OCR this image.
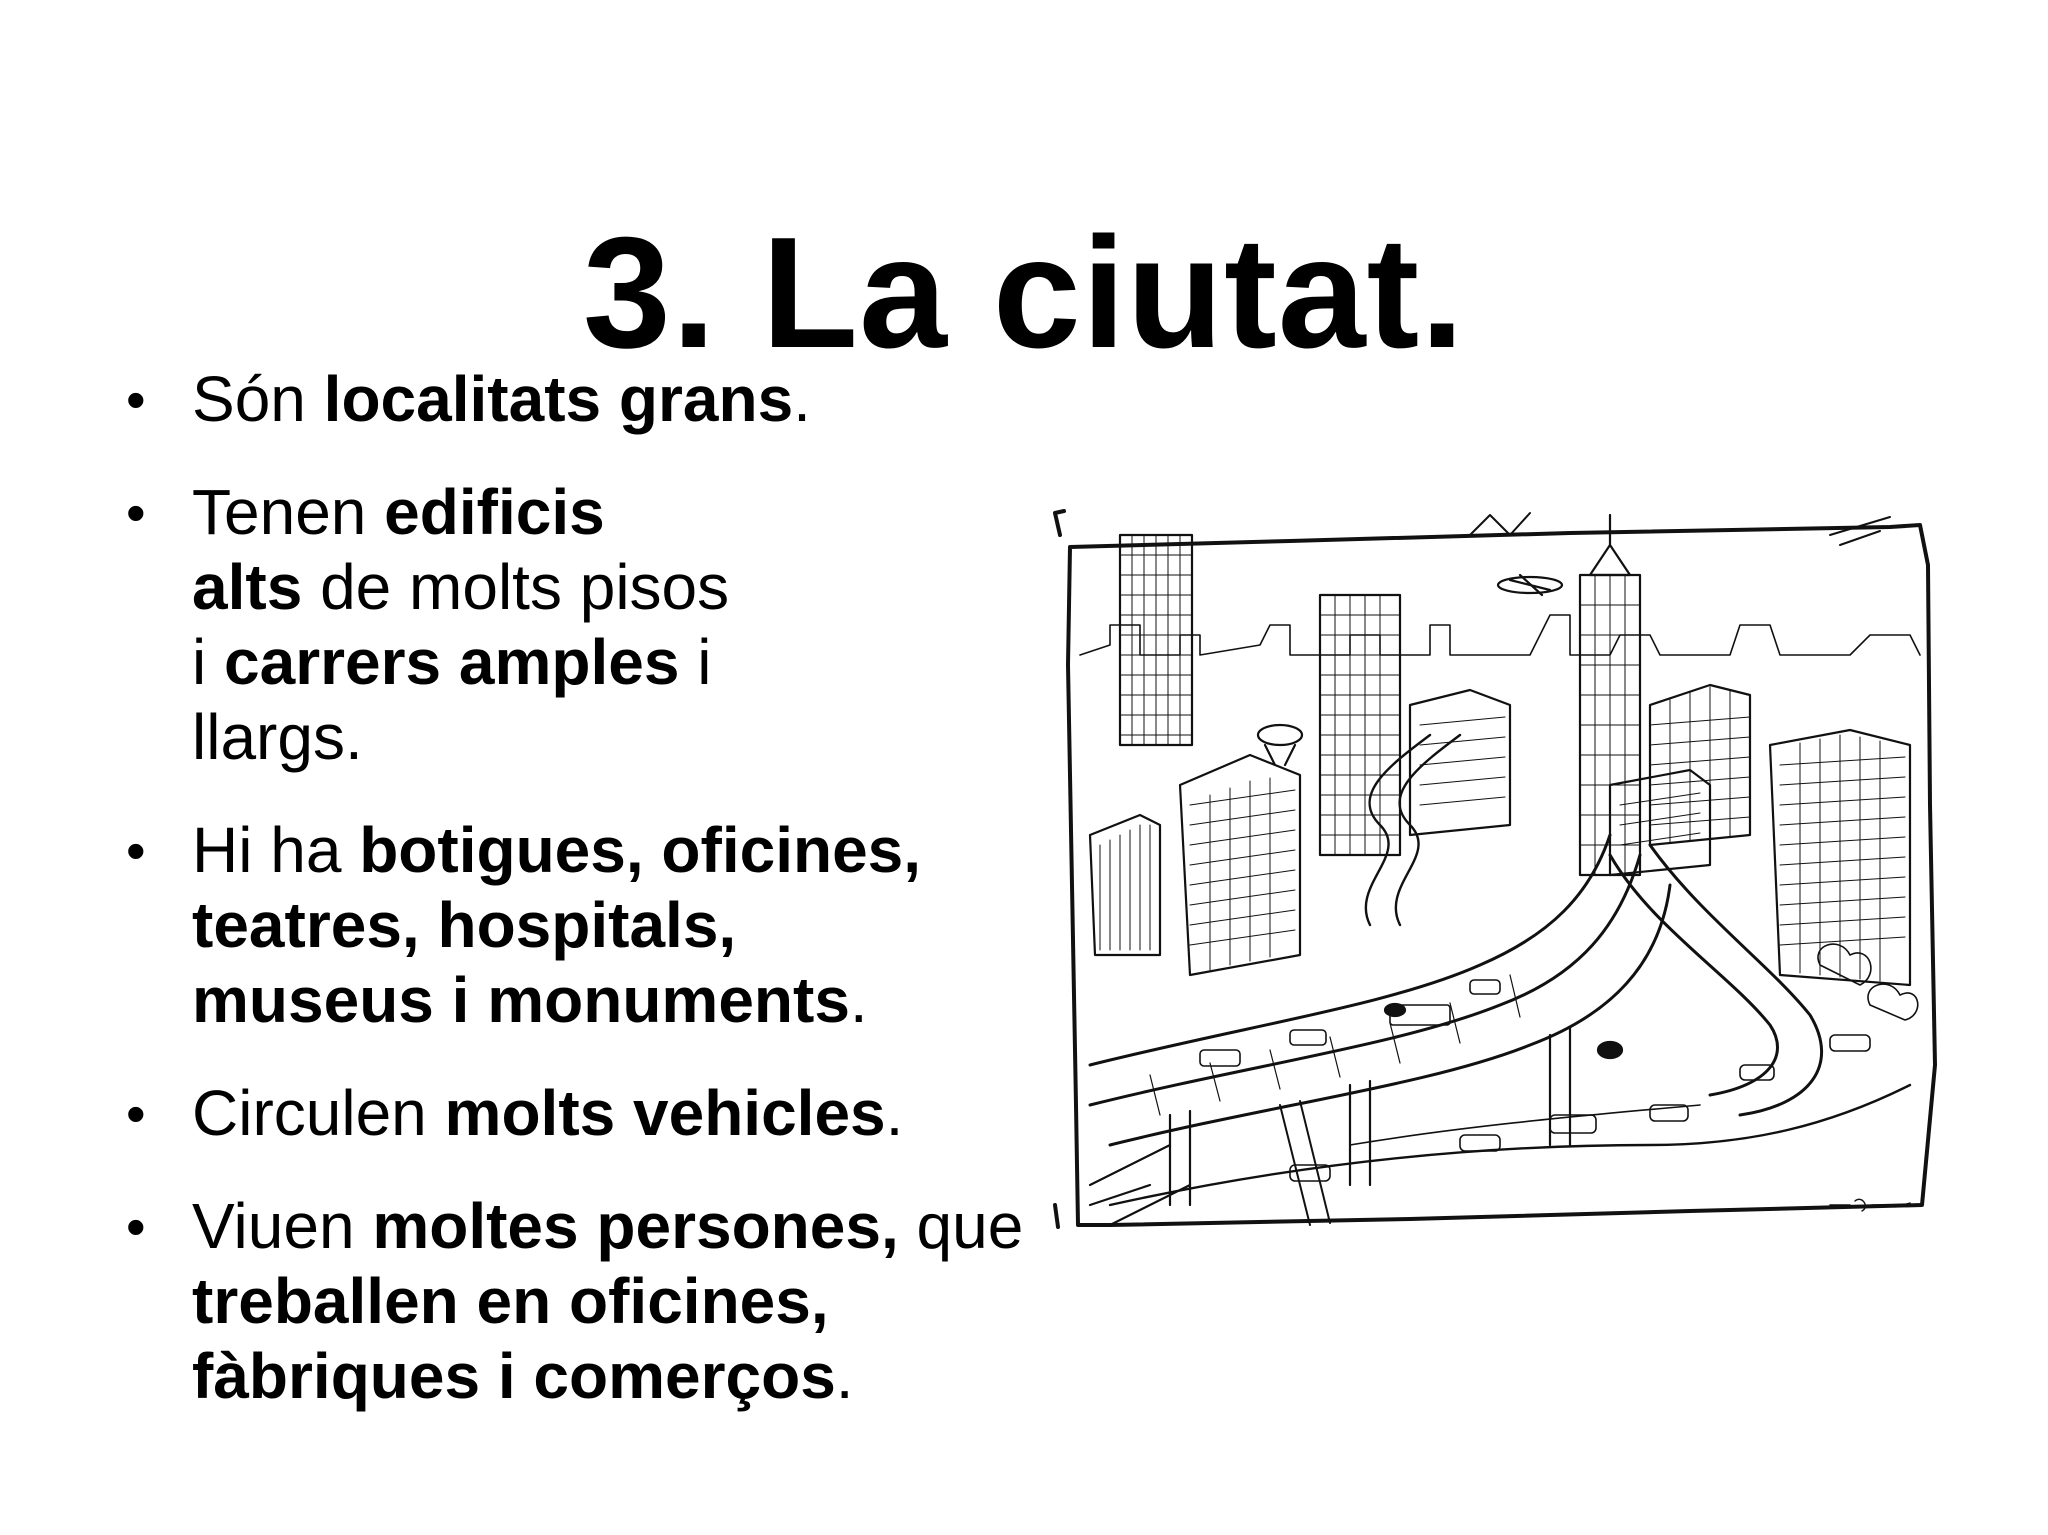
3. La ciutat.
• Són localitats grans.
• Tenen edificis alts de molts pisos i carrers amples i llargs.
• Hi ha botigues, oficines, teatres, hospitals, museus i monuments.
• Circulen molts vehicles.
• Viuen moltes persones, que treballen en oficines, fàbriques i comerços.
